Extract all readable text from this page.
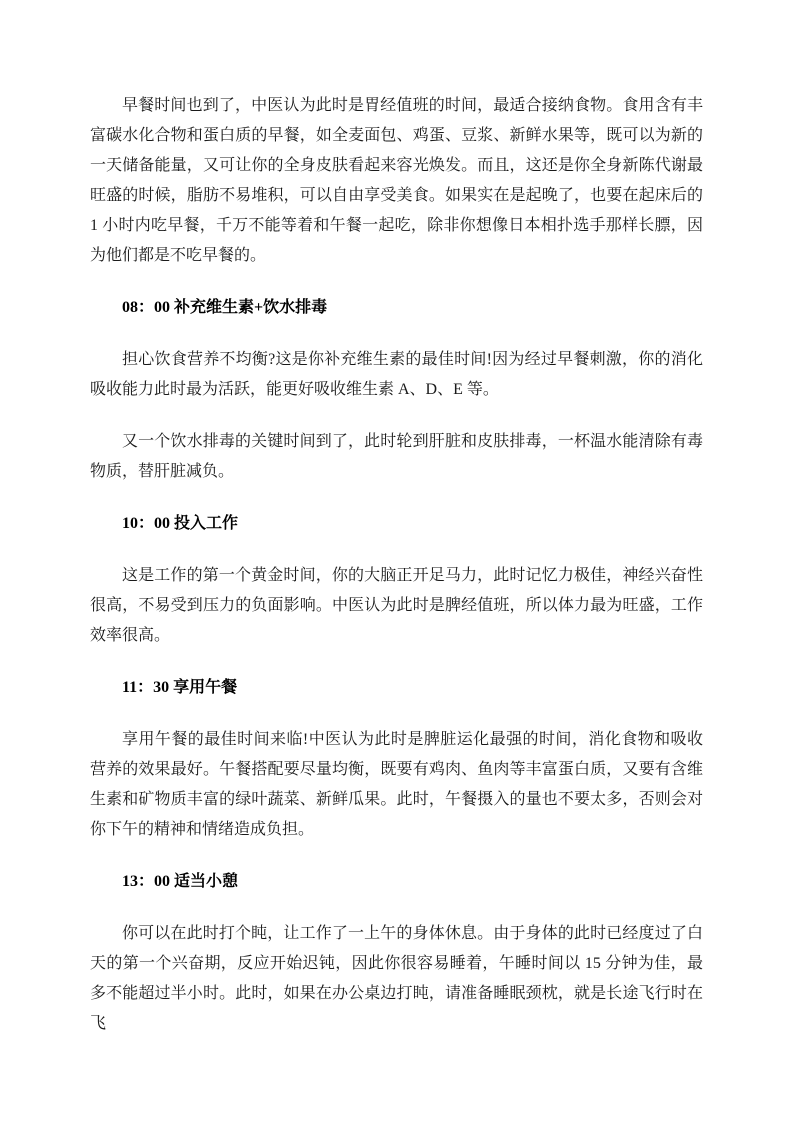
早餐时间也到了，中医认为此时是胃经值班的时间，最适合接纳食物。食用含有丰富碳水化合物和蛋白质的早餐，如全麦面包、鸡蛋、豆浆、新鲜水果等，既可以为新的一天储备能量，又可让你的全身皮肤看起来容光焕发。而且，这还是你全身新陈代谢最旺盛的时候，脂肪不易堆积，可以自由享受美食。如果实在是起晚了，也要在起床后的 1 小时内吃早餐，千万不能等着和午餐一起吃，除非你想像日本相扑选手那样长膘，因为他们都是不吃早餐的。

08：00 补充维生素+饮水排毒

担心饮食营养不均衡?这是你补充维生素的最佳时间!因为经过早餐刺激，你的消化吸收能力此时最为活跃，能更好吸收维生素 A、D、E 等。

又一个饮水排毒的关键时间到了，此时轮到肝脏和皮肤排毒，一杯温水能清除有毒物质，替肝脏减负。

10：00 投入工作

这是工作的第一个黄金时间，你的大脑正开足马力，此时记忆力极佳，神经兴奋性很高，不易受到压力的负面影响。中医认为此时是脾经值班，所以体力最为旺盛，工作效率很高。

11：30 享用午餐

享用午餐的最佳时间来临!中医认为此时是脾脏运化最强的时间，消化食物和吸收营养的效果最好。午餐搭配要尽量均衡，既要有鸡肉、鱼肉等丰富蛋白质，又要有含维生素和矿物质丰富的绿叶蔬菜、新鲜瓜果。此时，午餐摄入的量也不要太多，否则会对你下午的精神和情绪造成负担。

13：00 适当小憩

你可以在此时打个盹，让工作了一上午的身体休息。由于身体的此时已经度过了白天的第一个兴奋期，反应开始迟钝，因此你很容易睡着，午睡时间以 15 分钟为佳，最多不能超过半小时。此时，如果在办公桌边打盹，请准备睡眠颈枕，就是长途飞行时在飞
